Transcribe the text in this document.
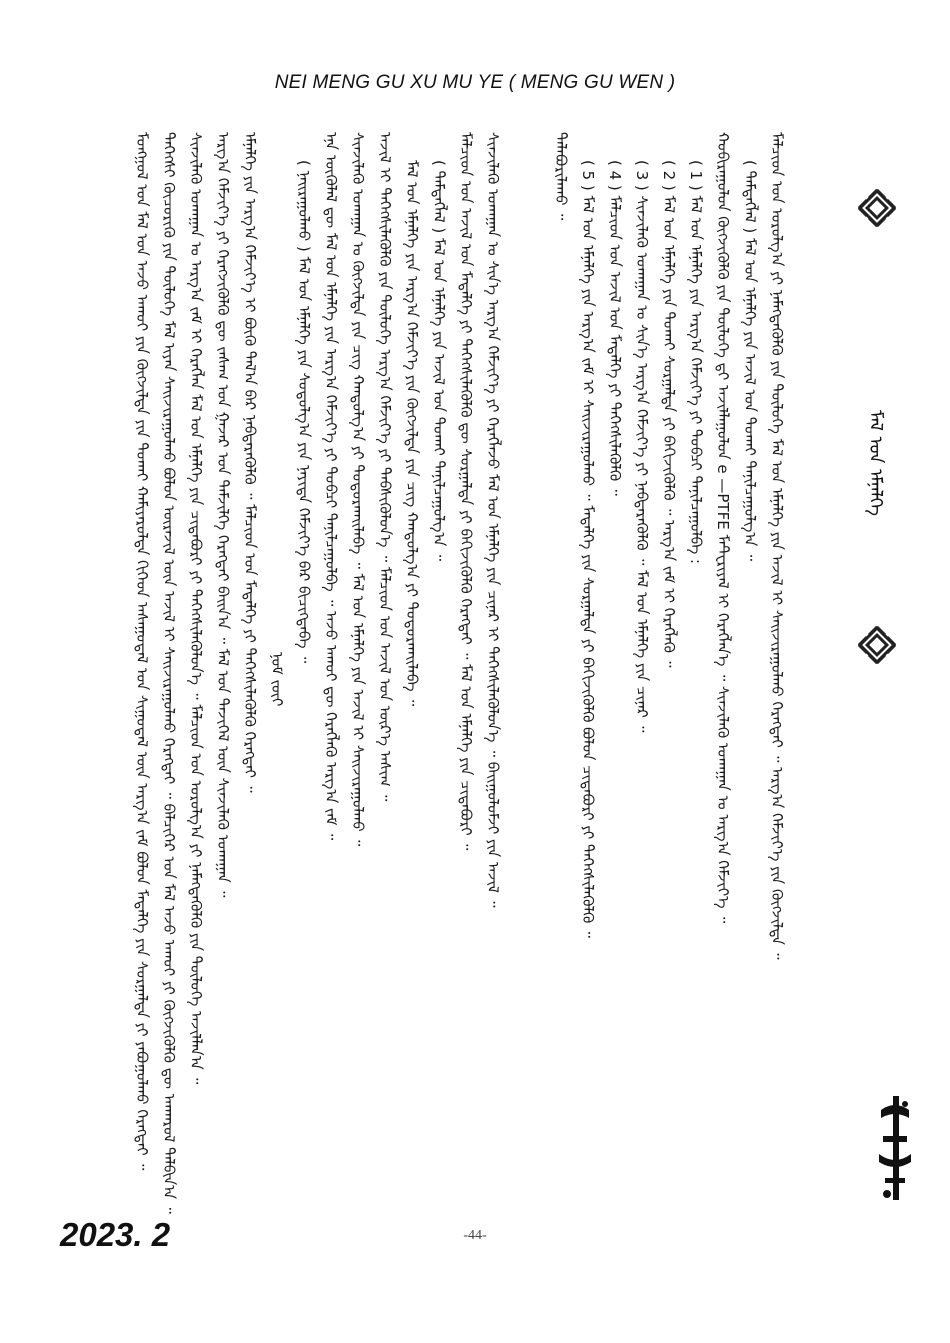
NEI MENG GU XU MU YE ( MENG GU WEN )

ᠮᠣᠩᠭᠣᠯ ᠤᠨ ᠮᠠᠯ ᠤᠨ ᠠᠵᠤ ᠠᠬᠤᠢ ᠶᠢᠨ ᠬᠥᠭᠵᠢᠯᠲᠡ ᠶᠢᠨ ᠲᠤᠬᠠᠢ ᠬᠠᠮᠢᠶᠠᠷᠤᠯᠲᠠ ᠬᠢᠭᠡᠳ ᠠᠰᠠᠭᠤᠳᠠᠯ ᠤᠨ ᠰᠢᠭᠤᠳᠠᠯ ᠦᠨ ᠠᠷᠭ᠎ᠠ ᠵᠠᠮ ᠪᠣᠯᠤᠨ ᠮᠡᠳᠡᠯᠭᠡ ᠶᠢᠨ ᠰᠤᠷᠭᠠᠯᠲᠠ ᠶᠢ ᠶᠠᠪᠤᠭᠤᠯᠬᠤ ᠬᠡᠷᠡᠭᠲᠡᠢ ᠃ ᠳᠡᠭᠡᠭᠰᠢ ᠬᠦᠴᠦᠷᠢᠬᠦ ᠶᠢᠨ ᠲᠥᠯᠥᠭᠡ ᠮᠠᠯ ᠢᠶᠠᠨ ᠰᠠᠢᠵᠢᠷᠠᠭᠤᠯᠬᠤ ᠪᠣᠯᠤᠨ ᠦᠷᠡᠵᠢᠯ ᠦᠨ ᠠᠵᠢᠯ ᠢ ᠰᠠᠢᠵᠢᠷᠠᠭᠤᠯᠬᠤ ᠬᠡᠷᠡᠭᠲᠡᠢ ᠃ ᠪᠡᠯᠴᠢᠭᠡᠷ ᠤᠨ ᠮᠠᠯ ᠠᠵᠤ ᠠᠬᠤᠢ ᠶᠢ ᠬᠥᠭᠵᠢᠭᠦᠯᠬᠦ ᠳᠦ ᠠᠨᠬᠠᠷᠤᠯ ᠲᠠᠯᠪᠢᠨ᠎ᠠ ᠃ ᠰᠢᠨᠵᠢᠯᠡᠬᠦ ᠤᠬᠠᠭᠠᠨ ᠤ ᠠᠷᠭ᠎ᠠ ᠵᠠᠮ ᠢ ᠬᠡᠷᠡᠭᠯᠡᠨ ᠮᠠᠯ ᠤᠨ ᠡᠮᠨᠡᠯᠭᠡ ᠶᠢᠨ ᠴᠢᠳᠠᠪᠤᠷᠢ ᠶᠢ ᠳᠡᠭᠡᠭᠰᠢᠯᠡᠭᠦᠯᠦᠨ᠎ᠡ ᠃ ᠮᠠᠯᠴᠢᠳ ᠤᠨ ᠣᠷᠣᠯᠭ᠎ᠠ ᠶᠢ ᠨᠡᠮᠡᠭᠳᠡᠭᠦᠯᠬᠦ ᠶᠢᠨ ᠲᠥᠯᠥᠭᠡ ᠠᠵᠢᠯᠯᠠᠨ᠎ᠠ ᠃ ᠠᠷᠭ᠎ᠠ ᠬᠡᠮᠵᠢᠶ᠎ᠡ ᠶᠢ ᠬᠡᠷᠡᠭᠵᠢᠭᠦᠯᠬᠦ ᠳᠦ ᠵᠠᠰᠠᠭ ᠤᠨ ᠭᠠᠵᠠᠷ ᠤᠨ ᠳᠡᠮᠵᠢᠯᠭᠡ ᠬᠡᠷᠡᠭᠲᠡᠢ ᠪᠠᠢᠨ᠎ᠠ ᠃ ᠮᠠᠯ ᠤᠨ ᠲᠡᠵᠢᠭᠡᠯ ᠦᠨ ᠰᠢᠨᠵᠢᠯᠡᠬᠦ ᠤᠬᠠᠭᠠᠨ ᠃ ᠡᠮᠨᠡᠯᠭᠡ ᠶᠢᠨ ᠠᠷᠭ᠎ᠠ ᠬᠡᠮᠵᠢᠶ᠎ᠡ ᠢ ᠪᠦᠬᠦ ᠲᠠᠯ᠎ᠠ ᠪᠠᠷ ᠨᠡᠪᠲᠡᠷᠡᠭᠦᠯᠬᠦ ᠃ ᠮᠠᠯᠴᠢᠳ ᠤᠨ ᠮᠡᠳᠡᠯᠭᠡ ᠶᠢ ᠳᠡᠭᠡᠭᠰᠢᠯᠡᠭᠦᠯᠬᠦ ᠬᠡᠷᠡᠭᠲᠡᠢ ᠃ ᠨᠣᠮ ᠵᠦᠢ

( ᠨᠠᠢᠷᠠᠭᠤᠯᠬᠤ ) ᠮᠠᠯ ᠤᠨ ᠡᠮᠨᠡᠯᠭᠡ ᠶᠢᠨ ᠰᠤᠳᠤᠯᠭ᠎ᠠ ᠶᠢᠨ ᠨᠡᠶᠢᠲᠡ ᠬᠡᠮᠵᠢᠶ᠎ᠡ ᠪᠡᠷ ᠪᠢᠴᠢᠭᠳᠡᠪᠡ ᠃ ᠡᠨᠡ ᠥᠭᠦᠯᠡᠯ ᠳᠦ ᠮᠠᠯ ᠤᠨ ᠡᠮᠨᠡᠯᠭᠡ ᠶᠢᠨ ᠠᠷᠭ᠎ᠠ ᠬᠡᠮᠵᠢᠶ᠎ᠡ ᠶᠢ ᠲᠣᠪᠴᠢ ᠲᠠᠨᠢᠯᠴᠠᠭᠤᠯᠪᠠ ᠃ ᠠᠵᠤ ᠠᠬᠤᠢ ᠳᠦ ᠬᠡᠷᠡᠭᠯᠡᠬᠦ ᠠᠷᠭ᠎ᠠ ᠵᠠᠮ ᠃ ᠰᠢᠨᠵᠢᠯᠡᠬᠦ ᠤᠬᠠᠭᠠᠨ ᠤ ᠬᠥᠭᠵᠢᠯᠲᠡ ᠶᠢᠨ ᠴᠢᠭ ᠬᠠᠨᠳᠤᠯᠭ᠎ᠠ ᠶᠢ ᠲᠣᠳᠣᠷᠬᠠᠢᠯᠠᠪᠠ ᠃ ᠮᠠᠯ ᠤᠨ ᠡᠮᠨᠡᠯᠭᠡ ᠶᠢᠨ ᠠᠵᠢᠯ ᠢ ᠰᠠᠢᠵᠢᠷᠠᠭᠤᠯᠬᠤ ᠃ ᠠᠵᠢᠯ ᠢ ᠳᠡᠭᠡᠭᠰᠢᠯᠡᠭᠦᠯᠬᠦ ᠶᠢᠨ ᠲᠥᠯᠥᠭᠡ ᠠᠷᠭ᠎ᠠ ᠬᠡᠮᠵᠢᠶ᠎ᠡ ᠶᠢ ᠳᠡᠪᠰᠢᠭᠦᠯᠦᠨ᠎ᠡ ᠃ ᠮᠠᠯᠴᠢᠳ ᠤᠨ ᠠᠵᠢᠯ ᠤᠨ ᠦᠷ᠎ᠡ ᠠᠰᠢᠭ ᠃ ᠮᠠᠯ ᠤᠨ ᠡᠮᠨᠡᠯᠭᠡ ᠶᠢᠨ ᠠᠷᠭ᠎ᠠ ᠬᠡᠮᠵᠢᠶ᠎ᠡ ᠶᠢᠨ ᠬᠥᠭᠵᠢᠯᠲᠡ ᠶᠢᠨ ᠴᠢᠭ ᠬᠠᠨᠳᠤᠯᠭ᠎ᠠ ᠶᠢ ᠲᠣᠳᠣᠷᠬᠠᠢᠯᠠᠪᠠ ᠃ ( ᠲᠡᠮᠳᠡᠭᠯᠡᠯ ) ᠮᠠᠯ ᠤᠨ ᠡᠮᠨᠡᠯᠭᠡ ᠶᠢᠨ ᠠᠵᠢᠯ ᠤᠨ ᠲᠤᠬᠠᠢ ᠲᠠᠨᠢᠯᠴᠠᠭᠤᠯᠭ᠎ᠠ ᠃ ᠮᠠᠯᠴᠢᠳ ᠤᠨ ᠠᠵᠢᠯ ᠤᠨ ᠮᠡᠳᠡᠯᠭᠡ ᠶᠢ ᠳᠡᠭᠡᠭᠰᠢᠯᠡᠭᠦᠯᠬᠦ ᠳᠦ ᠰᠤᠷᠭᠠᠯᠲᠠ ᠶᠢ ᠪᠡᠬᠢᠵᠢᠭᠦᠯᠬᠦ ᠬᠡᠷᠡᠭᠲᠡᠢ ᠃ ᠮᠠᠯ ᠤᠨ ᠡᠮᠨᠡᠯᠭᠡ ᠶᠢᠨ ᠴᠢᠳᠠᠪᠤᠷᠢ ᠃ ᠰᠢᠨᠵᠢᠯᠡᠬᠦ ᠤᠬᠠᠭᠠᠨ ᠤ ᠰᠢᠨ᠎ᠡ ᠠᠷᠭ᠎ᠠ ᠬᠡᠮᠵᠢᠶ᠎ᠡ ᠶᠢ ᠬᠡᠷᠡᠭᠯᠡᠵᠦ ᠮᠠᠯ ᠤᠨ ᠡᠮᠨᠡᠯᠭᠡ ᠶᠢᠨ ᠴᠢᠨᠠᠷ ᠢ ᠳᠡᠭᠡᠭᠰᠢᠯᠡᠭᠦᠯᠦᠨ᠎ᠡ ᠃ ᠪᠠᠢᠭᠤᠯᠤᠮᠵᠢ ᠶᠢᠨ ᠠᠵᠢᠯ ᠃	ᠲᠠᠯᠠᠪᠤᠷᠢᠯᠠᠬᠤ ᠃ ( 5 ) ᠮᠠᠯ ᠤᠨ ᠡᠮᠨᠡᠯᠭᠡ ᠶᠢᠨ ᠠᠷᠭ᠎ᠠ ᠵᠠᠮ ᠢ ᠰᠠᠢᠵᠢᠷᠠᠭᠤᠯᠬᠤ ᠃ ᠮᠡᠳᠡᠯᠭᠡ ᠶᠢᠨ ᠰᠤᠷᠭᠠᠯᠲᠠ ᠶᠢ ᠪᠡᠬᠢᠵᠢᠭᠦᠯᠬᠦ ᠪᠣᠯᠤᠨ ᠴᠢᠳᠠᠪᠤᠷᠢ ᠶᠢ ᠳᠡᠭᠡᠭᠰᠢᠯᠡᠭᠦᠯᠬᠦ ᠃ ( 4 ) ᠮᠠᠯᠴᠢᠳ ᠤᠨ ᠠᠵᠢᠯ ᠤᠨ ᠮᠡᠳᠡᠯᠭᠡ ᠶᠢ ᠳᠡᠭᠡᠭᠰᠢᠯᠡᠭᠦᠯᠬᠦ ᠃ ( 3 ) ᠰᠢᠨᠵᠢᠯᠡᠬᠦ ᠤᠬᠠᠭᠠᠨ ᠤ ᠰᠢᠨ᠎ᠡ ᠠᠷᠭ᠎ᠠ ᠬᠡᠮᠵᠢᠶ᠎ᠡ ᠶᠢ ᠨᠡᠪᠲᠡᠷᠡᠭᠦᠯᠬᠦ ᠃ ᠮᠠᠯ ᠤᠨ ᠡᠮᠨᠡᠯᠭᠡ ᠶᠢᠨ ᠴᠢᠨᠠᠷ ᠃ ( 2 ) ᠮᠠᠯ ᠤᠨ ᠡᠮᠨᠡᠯᠭᠡ ᠶᠢᠨ ᠲᠤᠬᠠᠢ ᠰᠤᠷᠭᠠᠯᠲᠠ ᠶᠢ ᠪᠡᠬᠢᠵᠢᠭᠦᠯᠬᠦ ᠃ ᠠᠷᠭ᠎ᠠ ᠵᠠᠮ ᠢ ᠬᠡᠷᠡᠭᠯᠡᠬᠦ ᠃ ( 1 ) ᠮᠠᠯ ᠤᠨ ᠡᠮᠨᠡᠯᠭᠡ ᠶᠢᠨ ᠠᠷᠭ᠎ᠠ ᠬᠡᠮᠵᠢᠶ᠎ᠡ ᠶᠢ ᠲᠣᠪᠴᠢ ᠲᠠᠨᠢᠯᠴᠠᠭᠤᠯᠪᠠ : ᠬᠤᠪᠢᠷᠠᠭᠤᠯᠤᠨ ᠬᠥᠭᠵᠢᠭᠦᠯᠬᠦ ᠶᠢᠨ ᠲᠥᠯᠥᠭᠡ ᠳ᠋ᠢ ᠠᠵᠢᠯᠯᠠᠭᠤᠯᠤᠨ e —PTFE ᠮᠠᠲ᠋ᠸᠷᠢᠶᠠᠯ ᠢ ᠬᠡᠷᠡᠭᠯᠡᠨ᠎ᠡ ᠃ ᠰᠢᠨᠵᠢᠯᠡᠬᠦ ᠤᠬᠠᠭᠠᠨ ᠤ ᠠᠷᠭ᠎ᠠ ᠬᠡᠮᠵᠢᠶ᠎ᠡ ᠃ ( ᠲᠡᠮᠳᠡᠭᠯᠡᠯ ) ᠮᠠᠯ ᠤᠨ ᠡᠮᠨᠡᠯᠭᠡ ᠶᠢᠨ ᠠᠵᠢᠯ ᠤᠨ ᠲᠤᠬᠠᠢ ᠲᠠᠨᠢᠯᠴᠠᠭᠤᠯᠭ᠎ᠠ ᠃ ᠮᠠᠯᠴᠢᠳ ᠤᠨ ᠣᠷᠣᠯᠭ᠎ᠠ ᠶᠢ ᠨᠡᠮᠡᠭᠳᠡᠭᠦᠯᠬᠦ ᠶᠢᠨ ᠲᠥᠯᠥᠭᠡ ᠮᠠᠯ ᠤᠨ ᠡᠮᠨᠡᠯᠭᠡ ᠶᠢᠨ ᠠᠵᠢᠯ ᠢ ᠰᠠᠢᠵᠢᠷᠠᠭᠤᠯᠬᠤ ᠬᠡᠷᠡᠭᠲᠡᠢ ᠃ ᠠᠷᠭ᠎ᠠ ᠬᠡᠮᠵᠢᠶ᠎ᠡ ᠶᠢᠨ ᠬᠥᠭᠵᠢᠯᠲᠡ ᠃	ᠮᠠᠯ ᠤᠨ ᠡᠮᠨᠡᠯᠭᠡ
2023. 2	-44-
